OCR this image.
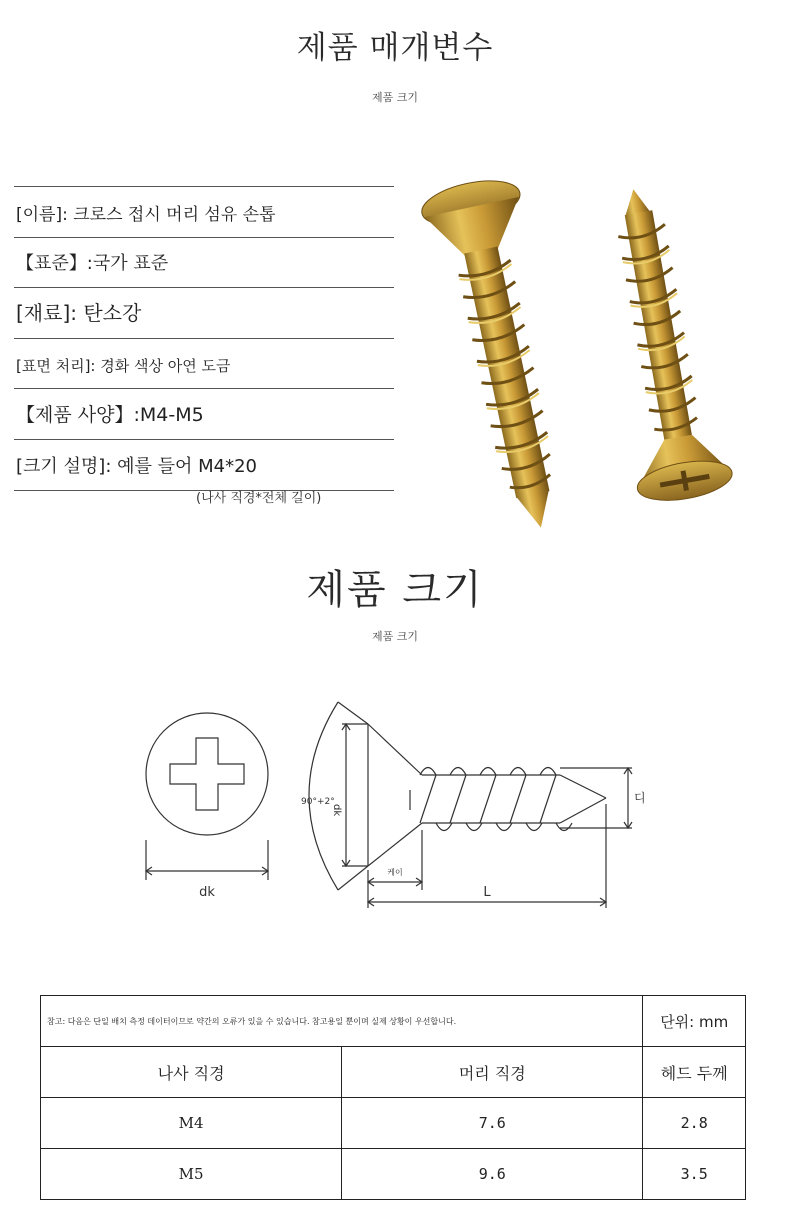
제품 매개변수
제품 크기
[이름]: 크로스 접시 머리 섬유 손톱
【표준】:국가 표준
[재료]: 탄소강
[표면 처리]: 경화 색상 아연 도금
【제품 사양】:M4-M5
[크기 설명]: 예를 들어 M4*20
(나사 직경*전체 길이)
제품 크기
제품 크기
dk
90°+2°
dk
케이
L
디
참고: 다음은 단일 배치 측정 데이터이므로 약간의 오류가 있을 수 있습니다. 참고용일 뿐이며 실제 상황이 우선합니다.		단위: mm
나사 직경	머리 직경	헤드 두께
M4	7.6	2.8
M5	9.6	3.5
